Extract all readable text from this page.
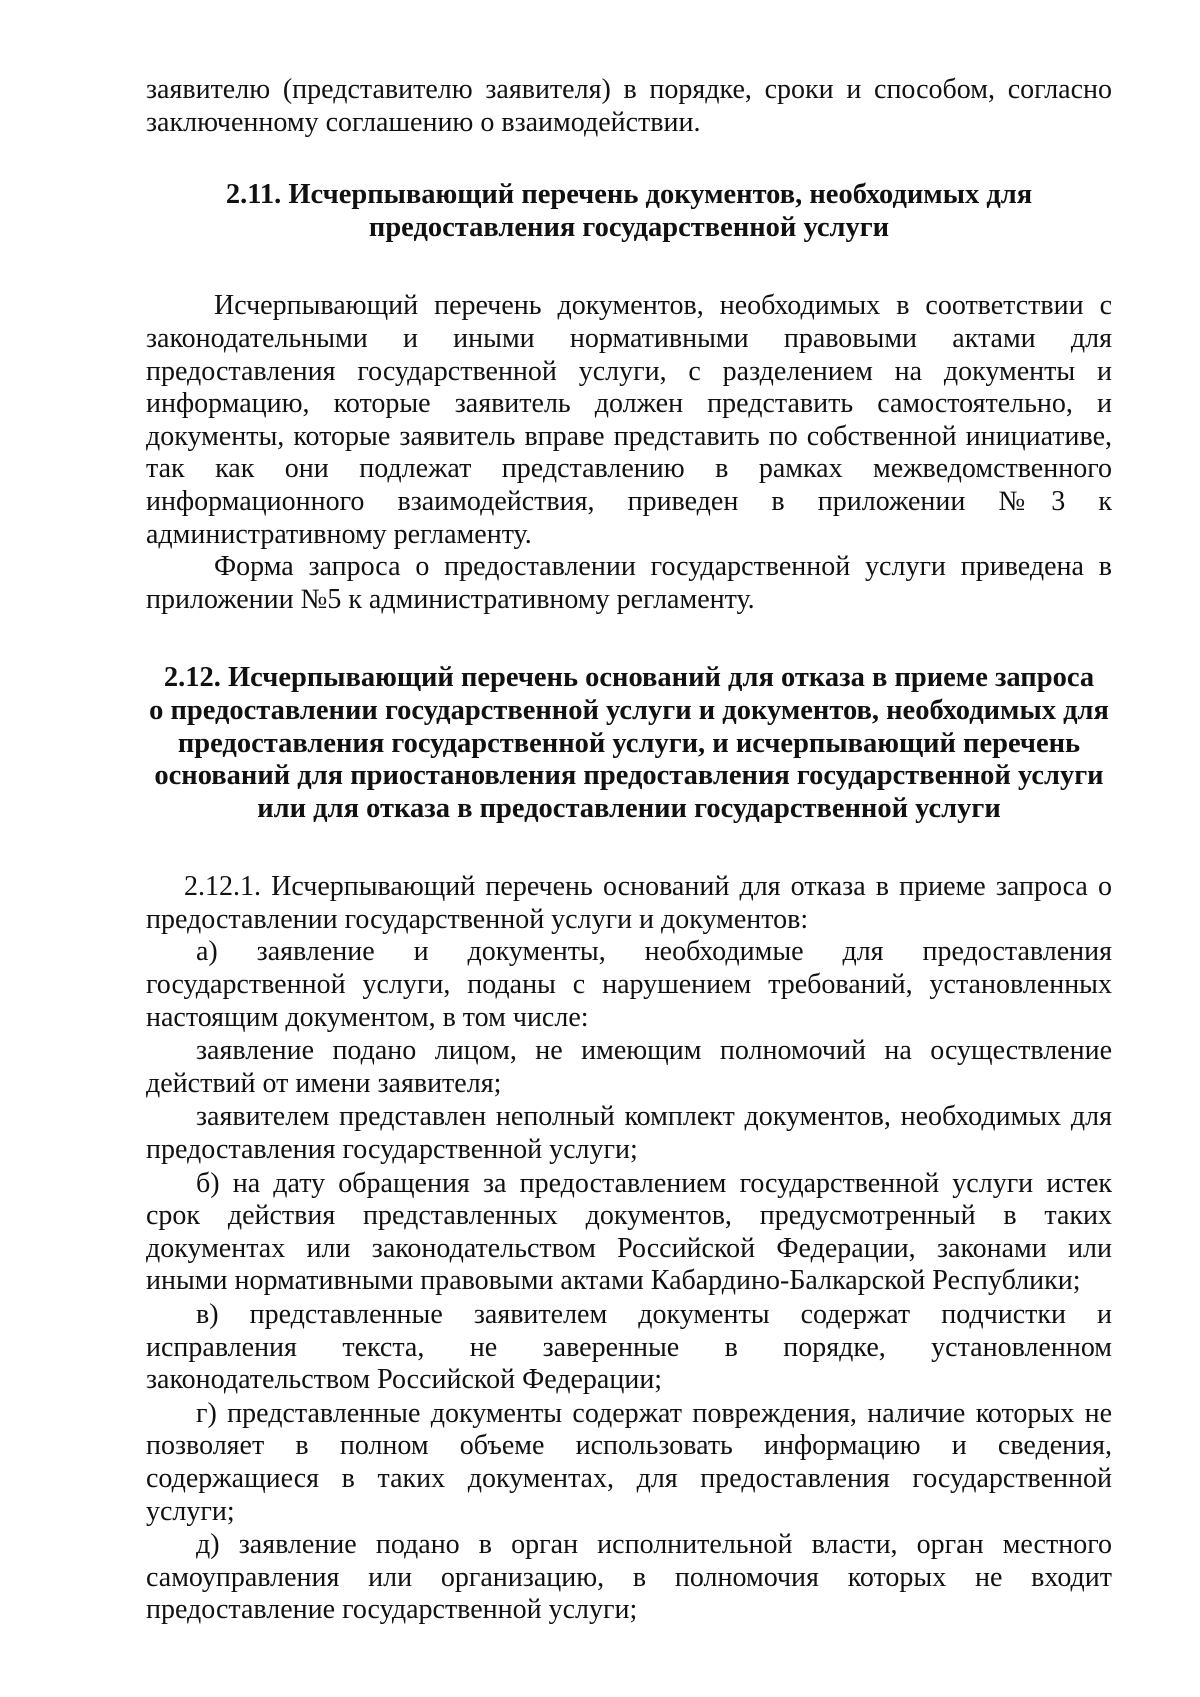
заявителю (представителю заявителя) в порядке, сроки и способом, согласно заключенному соглашению о взаимодействии.

2.11. Исчерпывающий перечень документов, необходимых для
предоставления государственной услуги

Исчерпывающий перечень документов, необходимых в соответствии с законодательными и иными нормативными правовыми актами для предоставления государственной услуги, с разделением на документы и информацию, которые заявитель должен представить самостоятельно, и документы, которые заявитель вправе представить по собственной инициативе, так как они подлежат представлению в рамках межведомственного информационного взаимодействия, приведен в приложении №3 к административному регламенту.

Форма запроса о предоставлении государственной услуги приведена в приложении №5 к административному регламенту.

2.12. Исчерпывающий перечень оснований для отказа в приеме запроса
о предоставлении государственной услуги и документов, необходимых для
предоставления государственной услуги, и исчерпывающий перечень
оснований для приостановления предоставления государственной услуги
или для отказа в предоставлении государственной услуги

2.12.1. Исчерпывающий перечень оснований для отказа в приеме запроса о предоставлении государственной услуги и документов:

а) заявление и документы, необходимые для предоставления государственной услуги, поданы с нарушением требований, установленных настоящим документом, в том числе:

заявление подано лицом, не имеющим полномочий на осуществление действий от имени заявителя;

заявителем представлен неполный комплект документов, необходимых для предоставления государственной услуги;

б) на дату обращения за предоставлением государственной услуги истек срок действия представленных документов, предусмотренный в таких документах или законодательством Российской Федерации, законами или иными нормативными правовыми актами Кабардино-Балкарской Республики;

в) представленные заявителем документы содержат подчистки и исправления текста, не заверенные в порядке, установленном законодательством Российской Федерации;

г) представленные документы содержат повреждения, наличие которых не позволяет в полном объеме использовать информацию и сведения, содержащиеся в таких документах, для предоставления государственной услуги;

д) заявление подано в орган исполнительной власти, орган местного самоуправления или организацию, в полномочия которых не входит предоставление государственной услуги;
